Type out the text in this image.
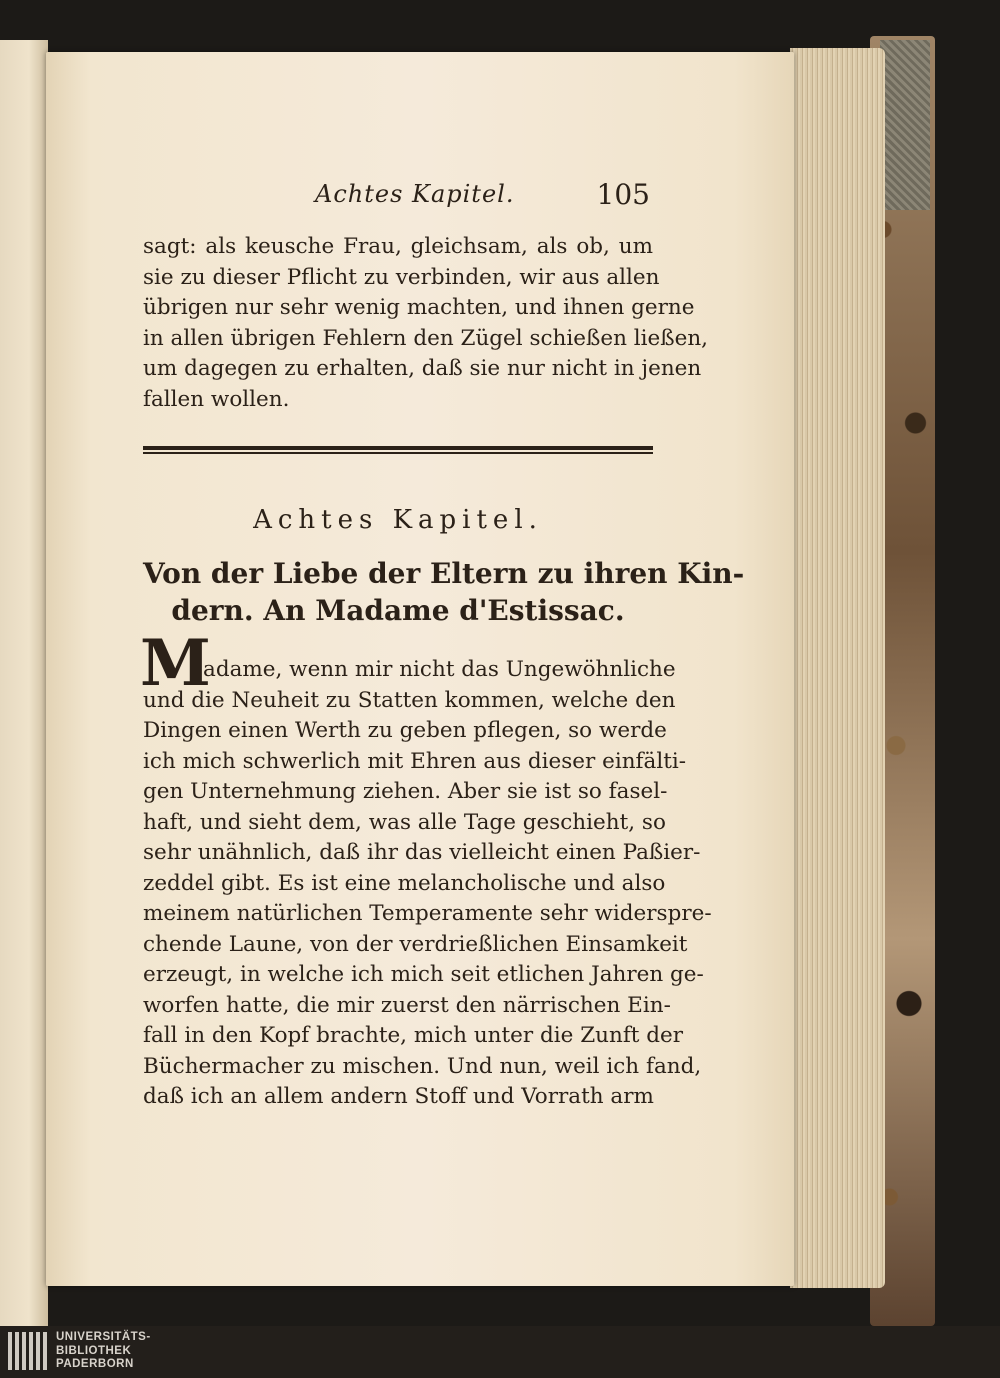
Achtes Kapitel.	105
sagt: als keusche Frau, gleichsam, als ob, um
sie zu dieser Pflicht zu verbinden, wir aus allen
übrigen nur sehr wenig machten, und ihnen gerne
in allen übrigen Fehlern den Zügel schießen ließen,
um dagegen zu erhalten, daß sie nur nicht in jenen
fallen wollen.
Achtes Kapitel.
Von der Liebe der Eltern zu ihren Kin-
dern. An Madame d'Estissac.
M
adame, wenn mir nicht das Ungewöhnliche
und die Neuheit zu Statten kommen, welche den
Dingen einen Werth zu geben pflegen, so werde
ich mich schwerlich mit Ehren aus dieser einfälti-
gen Unternehmung ziehen. Aber sie ist so fasel-
haft, und sieht dem, was alle Tage geschieht, so
sehr unähnlich, daß ihr das vielleicht einen Paßier-
zeddel gibt. Es ist eine melancholische und also
meinem natürlichen Temperamente sehr widerspre-
chende Laune, von der verdrießlichen Einsamkeit
erzeugt, in welche ich mich seit etlichen Jahren ge-
worfen hatte, die mir zuerst den närrischen Ein-
fall in den Kopf brachte, mich unter die Zunft der
Büchermacher zu mischen. Und nun, weil ich fand,
daß ich an allem andern Stoff und Vorrath arm
UNIVERSITÄTS-
BIBLIOTHEK
PADERBORN
